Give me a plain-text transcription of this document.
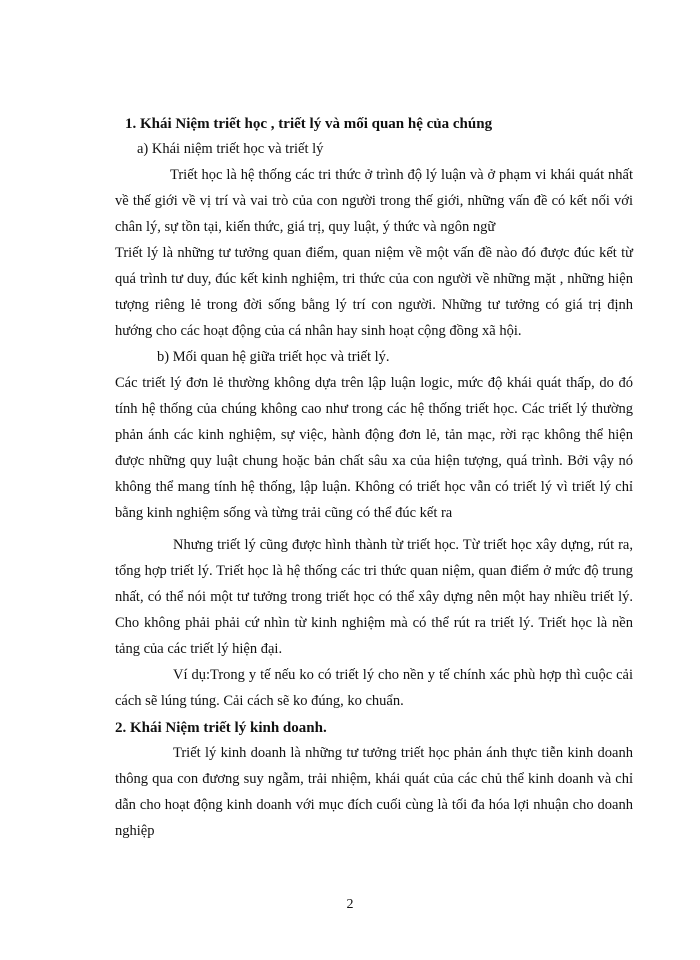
1. Khái Niệm triết học , triết lý và mối quan hệ của chúng

a) Khái niệm triết học và triết lý

Triết học là hệ thống các tri thức ở trình độ lý luận và ở phạm vi khái quát nhất về thế giới về vị trí và vai trò của con người trong thế giới, những vấn đề có kết nối với chân lý, sự tồn tại, kiến thức, giá trị, quy luật, ý thức và ngôn ngữ

Triết lý là những tư tưởng quan điểm, quan niệm về một vấn đề nào đó được đúc kết từ quá trình tư duy, đúc kết kinh nghiệm, tri thức của con người về những mặt , những hiện tượng riêng lẻ trong đời sống bằng lý trí con người. Những tư tưởng có giá trị định hướng cho các hoạt động của cá nhân hay sinh hoạt cộng đồng xã hội.

b) Mối quan hệ giữa triết học và triết lý.

Các triết lý đơn lẻ thường không dựa trên lập luận logic, mức độ khái quát thấp, do đó tính hệ thống của chúng không cao như trong các hệ thống triết học. Các triết lý thường phản ánh các kinh nghiệm, sự việc, hành động đơn lẻ, tản mạc, rời rạc không thể hiện được những quy luật chung hoặc bản chất sâu xa của hiện tượng, quá trình. Bởi vậy nó không thể mang tính hệ thống, lập luận. Không có triết học vẫn có triết lý vì triết lý chỉ bằng kinh nghiệm sống và từng trải cũng có thể đúc kết ra

Nhưng triết lý cũng được hình thành từ triết học. Từ triết học xây dựng, rút ra, tổng hợp triết lý. Triết học là hệ thống các tri thức quan niệm, quan điểm ở mức độ trung nhất, có thể nói một tư tưởng trong triết học có thể xây dựng nên một hay nhiều triết lý. Cho không phải phải cứ nhìn từ kinh nghiệm mà có thể rút ra triết lý. Triết học là nền tảng của các triết lý hiện đại.

Ví dụ:Trong y tế nếu ko có triết lý cho nền y tế chính xác phù hợp thì cuộc cải cách sẽ lúng túng. Cải cách sẽ ko đúng, ko chuẩn.

2. Khái Niệm triết lý kinh doanh.

Triết lý kinh doanh là những tư tưởng triết học phản ánh thực tiễn kinh doanh thông qua con đương suy ngẫm, trải nhiệm, khái quát của các chủ thể kinh doanh và chỉ dẫn cho hoạt động kinh doanh với mục đích cuối cùng là tối đa hóa lợi nhuận cho doanh nghiệp

2
